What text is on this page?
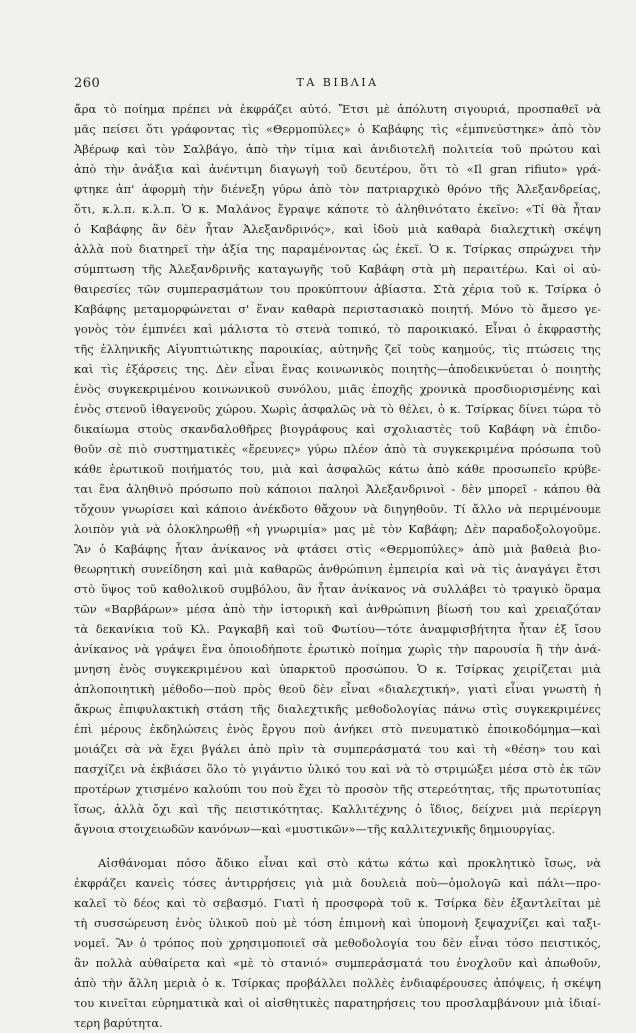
260	ΤΑ ΒΙΒΛΙΑ
ἄρα τὸ ποίημα πρέπει νὰ ἐκφράζει αὐτό. Ἔτσι μὲ ἀπόλυτη σιγουριά, προσπαθεῖ νὰ
μᾶς πείσει ὅτι γράφοντας τὶς «Θερμοπύλες» ὁ Καβάφης τὶς «ἐμπνεύστηκε» ἀπὸ τὸν
Ἀβέρωφ καὶ τὸν Σαλβάγο, ἀπὸ τὴν τίμια καὶ ἀνιδιοτελῆ πολιτεία τοῦ πρώτου καὶ
ἀπὸ τὴν ἀνάξια καὶ ἀνέντιμη διαγωγὴ τοῦ δευτέρου, ὅτι τὸ «Il gran rifiuto» γρά-
φτηκε ἀπ' ἀφορμὴ τὴν διένεξη γύρω ἀπὸ τὸν πατριαρχικὸ θρόνο τῆς Ἀλεξανδρείας,
ὅτι, κ.λ.π. κ.λ.π. Ὁ κ. Μαλάνος ἔγραψε κάποτε τὸ ἀληθινότατο ἐκεῖνο: «Τί θὰ ἦταν
ὁ Καβάφης ἂν δὲν ἦταν Ἀλεξανδρινός», καὶ ἰδοὺ μιὰ καθαρὰ διαλεχτικὴ σκέψη
ἀλλὰ ποὺ διατηρεῖ τὴν ἀξία της παραμένοντας ὡς ἐκεῖ. Ὁ κ. Τσίρκας σπρώχνει τὴν
σύμπτωση τῆς Ἀλεξανδρινῆς καταγωγῆς τοῦ Καβάφη στὰ μὴ περαιτέρω. Καὶ οἱ αὐ-
θαιρεσίες τῶν συμπερασμάτων του προκύπτουν ἀβίαστα. Στὰ χέρια τοῦ κ. Τσίρκα ὁ
Καβάφης μεταμορφώνεται σ' ἕναν καθαρὰ περιστασιακὸ ποιητή. Μόνο τὸ ἄμεσο γε-
γονὸς τὸν ἐμπνέει καὶ μάλιστα τὸ στενὰ τοπικό, τὸ παροικιακό. Εἶναι ὁ ἐκφραστὴς
τῆς ἑλληνικῆς Αἰγυπτιώτικης παροικίας, αὐτηνῆς ζεῖ τοὺς καημούς, τὶς πτώσεις της
καὶ τὶς ἐξάρσεις της. Δὲν εἶναι ἕνας κοινωνικὸς ποιητὴς—ἀποδεικνύεται ὁ ποιητὴς
ἑνὸς συγκεκριμένου κοινωνικοῦ συνόλου, μιᾶς ἐποχῆς χρονικὰ προσδιορισμένης καὶ
ἑνὸς στενοῦ ἰθαγενοῦς χώρου. Χωρὶς ἀσφαλῶς νὰ τὸ θέλει, ὁ κ. Τσίρκας δίνει τώρα τὸ
δικαίωμα στοὺς σκανδαλοθῆρες βιογράφους καὶ σχολιαστὲς τοῦ Καβάφη νὰ ἐπιδο-
θοῦν σὲ πιὸ συστηματικὲς «ἔρευνες» γύρω πλέον ἀπὸ τὰ συγκεκριμένα πρόσωπα τοῦ
κάθε ἐρωτικοῦ ποιήματός του, μιὰ καὶ ἀσφαλῶς κάτω ἀπὸ κάθε προσωπεῖο κρύβε-
ται ἕνα ἀληθινὸ πρόσωπο ποὺ κάποιοι παληοὶ Ἀλεξανδρινοὶ - δὲν μπορεῖ - κάπου θὰ
τὄχουν γνωρίσει καὶ κάποιο ἀνέκδοτο θἄχουν νὰ διηγηθοῦν. Τί ἄλλο νὰ περιμένουμε
λοιπὸν γιὰ νὰ ὁλοκληρωθῇ «ἡ γνωριμία» μας μὲ τὸν Καβάφη; Δὲν παραδοξολογοῦμε.
Ἂν ὁ Καβάφης ἦταν ἀνίκανος νὰ φτάσει στὶς «Θερμοπύλες» ἀπὸ μιὰ βαθειὰ βιο-
θεωρητικὴ συνείδηση καὶ μιὰ καθαρῶς ἀνθρώπινη ἐμπειρία καὶ νὰ τὶς ἀναγάγει ἔτσι
στὸ ὕψος τοῦ καθολικοῦ συμβόλου, ἂν ἦταν ἀνίκανος νὰ συλλάβει τὸ τραγικὸ ὅραμα
τῶν «Βαρβάρων» μέσα ἀπὸ τὴν ἱστορικὴ καὶ ἀνθρώπινη βίωσή του καὶ χρειαζόταν
τὰ δεκανίκια τοῦ Κλ. Ραγκαβῆ καὶ τοῦ Φωτίου—τότε ἀναμφισβήτητα ἦταν ἐξ ἴσου
ἀνίκανος νὰ γράψει ἕνα ὁποιοδήποτε ἐρωτικὸ ποίημα χωρὶς τὴν παρουσία ἢ τὴν ἀνά-
μνηση ἑνὸς συγκεκριμένου καὶ ὑπαρκτοῦ προσώπου. Ὁ κ. Τσίρκας χειρίζεται μιὰ
ἁπλοποιητικὴ μέθοδο—ποὺ πρὸς θεοῦ δὲν εἶναι «διαλεχτική», γιατὶ εἶναι γνωστὴ ἡ
ἄκρως ἐπιφυλακτικὴ στάση τῆς διαλεχτικῆς μεθοδολογίας πάνω στὶς συγκεκριμένες
ἐπὶ μέρους ἐκδηλώσεις ἑνὸς ἔργου ποὺ ἀνήκει στὸ πνευματικὸ ἐποικοδόμημα—καὶ
μοιάζει σὰ νὰ ἔχει βγάλει ἀπὸ πρὶν τὰ συμπεράσματά του καὶ τὴ «θέση» του καὶ
πασχίζει νὰ ἐκβιάσει ὅλο τὸ γιγάντιο ὑλικό του καὶ νὰ τὸ στριμώξει μέσα στὸ ἐκ τῶν
προτέρων χτισμένο καλούπι του ποὺ ἔχει τὸ προσὸν τῆς στερεότητας, τῆς πρωτοτυπίας
ἴσως, ἀλλὰ ὄχι καὶ τῆς πειστικότητας. Καλλιτέχνης ὁ ἴδιος, δείχνει μιὰ περίεργη
ἄγνοια στοιχειωδῶν κανόνων—καὶ «μυστικῶν»—τῆς καλλιτεχνικῆς δημιουργίας.
Αἰσθάνομαι πόσο ἄδικο εἶναι καὶ στὸ κάτω κάτω καὶ προκλητικὸ ἴσως, νὰ
ἐκφράζει κανεὶς τόσες ἀντιρρήσεις γιὰ μιὰ δουλειὰ ποὺ—ὁμολογῶ καὶ πάλι—προ-
καλεῖ τὸ δέος καὶ τὸ σεβασμό. Γιατὶ ἡ προσφορὰ τοῦ κ. Τσίρκα δὲν ἐξαντλεῖται μὲ
τὴ συσσώρευση ἑνὸς ὑλικοῦ ποὺ μὲ τόση ἐπιμονὴ καὶ ὑπομονὴ ξεψαχνίζει καὶ ταξι-
νομεῖ. Ἂν ὁ τρόπος ποὺ χρησιμοποιεῖ σὰ μεθοδολογία του δὲν εἶναι τόσο πειστικός,
ἂν πολλὰ αὐθαίρετα καὶ «μὲ τὸ στανιό» συμπεράσματά του ἐνοχλοῦν καὶ ἀπωθοῦν,
ἀπὸ τὴν ἄλλη μεριὰ ὁ κ. Τσίρκας προβάλλει πολλὲς ἐνδιαφέρουσες ἀπόψεις, ἡ σκέψη
του κινεῖται εὐρηματικὰ καὶ οἱ αἰσθητικὲς παρατηρήσεις του προσλαμβάνουν μιὰ ἰδιαί-
τερη βαρύτητα.
